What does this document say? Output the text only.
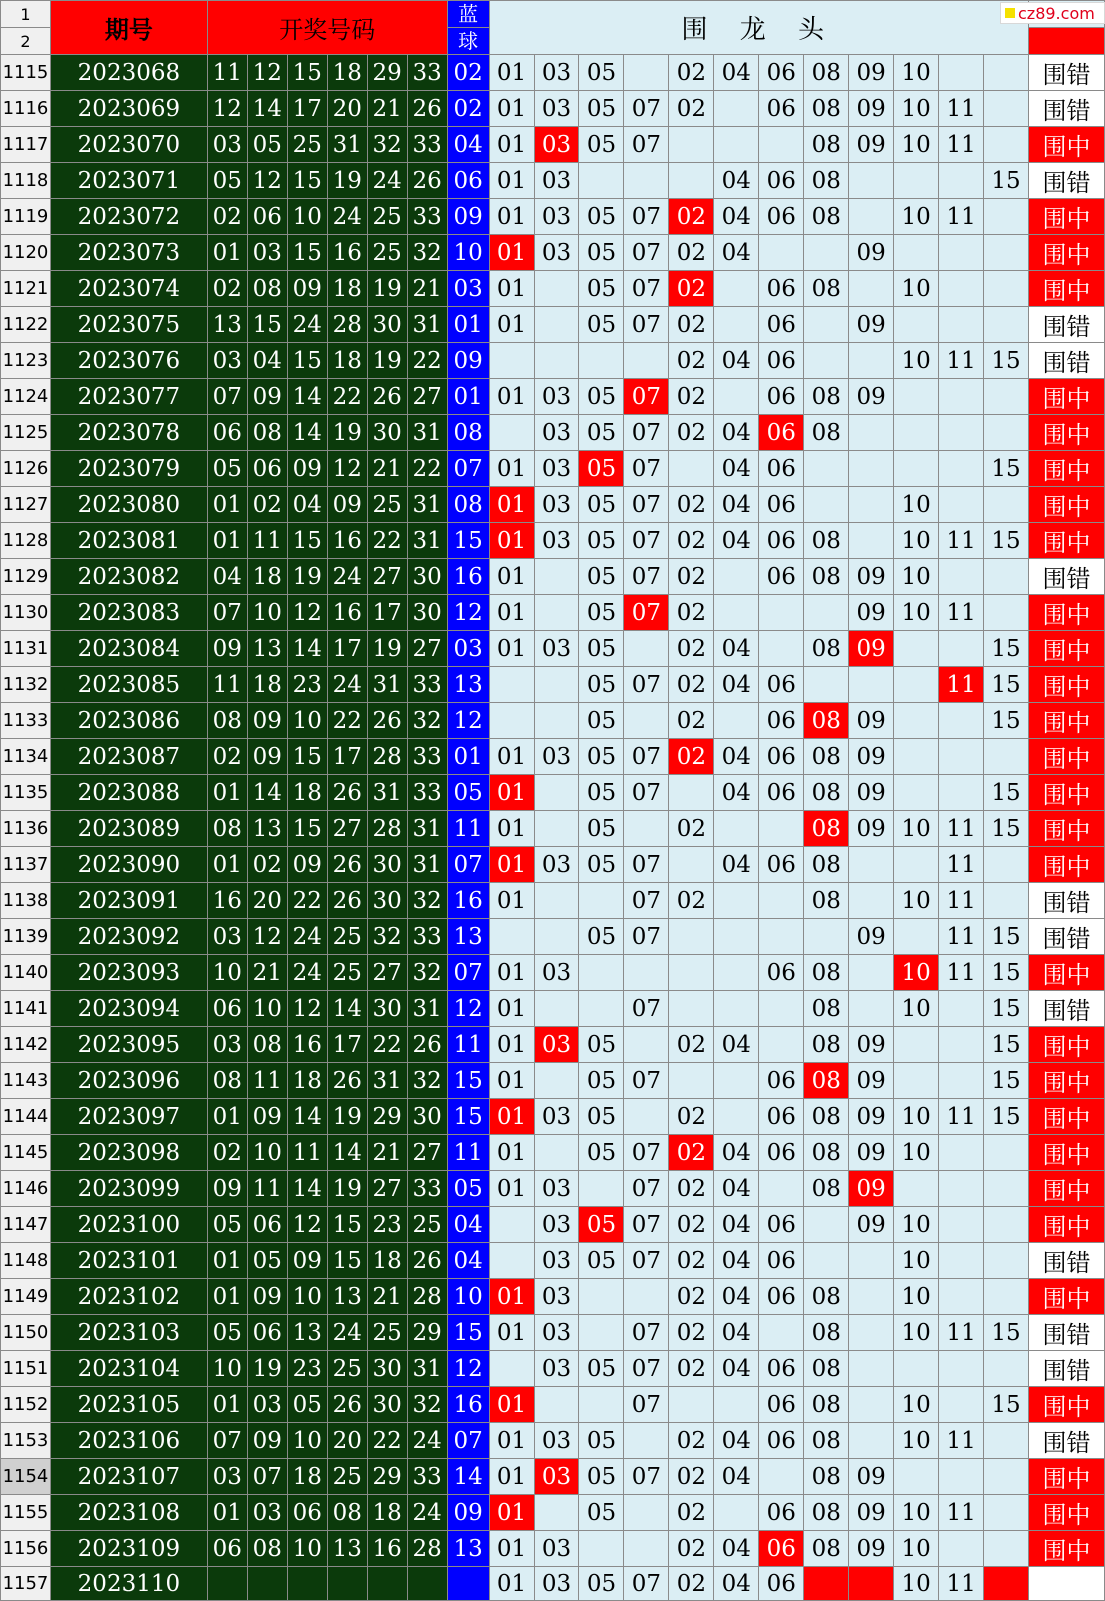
1	期号	开奖号码						蓝	围 龙 头												
2								球													
1115	2023068	11	12	15	18	29	33	02	01	03	05		02	04	06	08	09	10			围错
1116	2023069	12	14	17	20	21	26	02	01	03	05	07	02		06	08	09	10	11		围错
1117	2023070	03	05	25	31	32	33	04	01	03	05	07				08	09	10	11		围中
1118	2023071	05	12	15	19	24	26	06	01	03				04	06	08				15	围错
1119	2023072	02	06	10	24	25	33	09	01	03	05	07	02	04	06	08		10	11		围中
1120	2023073	01	03	15	16	25	32	10	01	03	05	07	02	04			09				围中
1121	2023074	02	08	09	18	19	21	03	01		05	07	02		06	08		10			围中
1122	2023075	13	15	24	28	30	31	01	01		05	07	02		06		09				围错
1123	2023076	03	04	15	18	19	22	09					02	04	06			10	11	15	围错
1124	2023077	07	09	14	22	26	27	01	01	03	05	07	02		06	08	09				围中
1125	2023078	06	08	14	19	30	31	08		03	05	07	02	04	06	08					围中
1126	2023079	05	06	09	12	21	22	07	01	03	05	07		04	06					15	围中
1127	2023080	01	02	04	09	25	31	08	01	03	05	07	02	04	06			10			围中
1128	2023081	01	11	15	16	22	31	15	01	03	05	07	02	04	06	08		10	11	15	围中
1129	2023082	04	18	19	24	27	30	16	01		05	07	02		06	08	09	10			围错
1130	2023083	07	10	12	16	17	30	12	01		05	07	02				09	10	11		围中
1131	2023084	09	13	14	17	19	27	03	01	03	05		02	04		08	09			15	围中
1132	2023085	11	18	23	24	31	33	13			05	07	02	04	06				11	15	围中
1133	2023086	08	09	10	22	26	32	12			05		02		06	08	09			15	围中
1134	2023087	02	09	15	17	28	33	01	01	03	05	07	02	04	06	08	09				围中
1135	2023088	01	14	18	26	31	33	05	01		05	07		04	06	08	09			15	围中
1136	2023089	08	13	15	27	28	31	11	01		05		02			08	09	10	11	15	围中
1137	2023090	01	02	09	26	30	31	07	01	03	05	07		04	06	08			11		围中
1138	2023091	16	20	22	26	30	32	16	01			07	02			08		10	11		围错
1139	2023092	03	12	24	25	32	33	13			05	07					09		11	15	围错
1140	2023093	10	21	24	25	27	32	07	01	03					06	08		10	11	15	围中
1141	2023094	06	10	12	14	30	31	12	01			07				08		10		15	围错
1142	2023095	03	08	16	17	22	26	11	01	03	05		02	04		08	09			15	围中
1143	2023096	08	11	18	26	31	32	15	01		05	07			06	08	09			15	围中
1144	2023097	01	09	14	19	29	30	15	01	03	05		02		06	08	09	10	11	15	围中
1145	2023098	02	10	11	14	21	27	11	01		05	07	02	04	06	08	09	10			围中
1146	2023099	09	11	14	19	27	33	05	01	03		07	02	04		08	09				围中
1147	2023100	05	06	12	15	23	25	04		03	05	07	02	04	06		09	10			围中
1148	2023101	01	05	09	15	18	26	04		03	05	07	02	04	06			10			围错
1149	2023102	01	09	10	13	21	28	10	01	03			02	04	06	08		10			围中
1150	2023103	05	06	13	24	25	29	15	01	03		07	02	04		08		10	11	15	围错
1151	2023104	10	19	23	25	30	31	12		03	05	07	02	04	06	08					围错
1152	2023105	01	03	05	26	30	32	16	01			07			06	08		10		15	围中
1153	2023106	07	09	10	20	22	24	07	01	03	05		02	04	06	08		10	11		围错
1154	2023107	03	07	18	25	29	33	14	01	03	05	07	02	04		08	09				围中
1155	2023108	01	03	06	08	18	24	09	01		05		02		06	08	09	10	11		围中
1156	2023109	06	08	10	13	16	28	13	01	03			02	04	06	08	09	10			围中
1157	2023110								01	03	05	07	02	04	06			10	11		
cz89.com
